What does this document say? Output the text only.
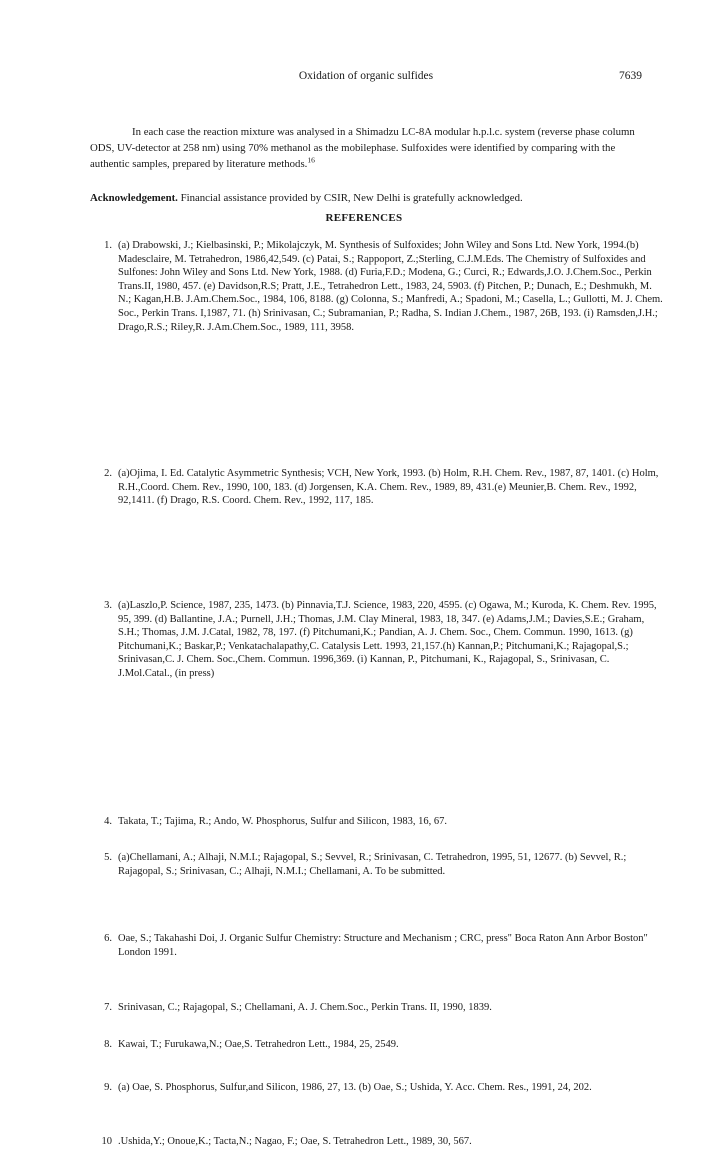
Oxidation of organic sulfides	7639
In each case the reaction mixture was analysed in a Shimadzu LC-8A modular h.p.l.c. system (reverse phase column ODS, UV-detector at 258 nm) using 70% methanol as the mobilephase. Sulfoxides were identified by comparing with the authentic samples, prepared by literature methods.$^{16}$
Acknowledgement. Financial assistance provided by CSIR, New Delhi is gratefully acknowledged.
REFERENCES
1. (a) Drabowski, J.; Kielbasinski, P.; Mikolajczyk, M. Synthesis of Sulfoxides; John Wiley and Sons Ltd. New York, 1994.(b) Madesclaire, M. Tetrahedron, 1986,42,549. (c) Patai, S.; Rappoport, Z.;Sterling, C.J.M.Eds. The Chemistry of Sulfoxides and Sulfones: John Wiley and Sons Ltd. New York, 1988. (d) Furia,F.D.; Modena, G.; Curci, R.; Edwards,J.O. J.Chem.Soc., Perkin Trans.II, 1980, 457. (e) Davidson,R.S; Pratt, J.E., Tetrahedron Lett., 1983, 24, 5903. (f) Pitchen, P.; Dunach, E.; Deshmukh, M. N.; Kagan,H.B. J.Am.Chem.Soc., 1984, 106, 8188. (g) Colonna, S.; Manfredi, A.; Spadoni, M.; Casella, L.; Gullotti, M. J. Chem. Soc., Perkin Trans. I,1987, 71. (h) Srinivasan, C.; Subramanian, P.; Radha, S. Indian J.Chem., 1987, 26B, 193. (i) Ramsden,J.H.; Drago,R.S.; Riley,R. J.Am.Chem.Soc., 1989, 111, 3958.
2. (a)Ojima, I. Ed. Catalytic Asymmetric Synthesis; VCH, New York, 1993. (b) Holm, R.H. Chem. Rev., 1987, 87, 1401. (c) Holm, R.H.,Coord. Chem. Rev., 1990, 100, 183. (d) Jorgensen, K.A. Chem. Rev., 1989, 89, 431.(e) Meunier,B. Chem. Rev., 1992, 92,1411. (f) Drago, R.S. Coord. Chem. Rev., 1992, 117, 185.
3. (a)Laszlo,P. Science, 1987, 235, 1473. (b) Pinnavia,T.J. Science, 1983, 220, 4595. (c) Ogawa, M.; Kuroda, K. Chem. Rev. 1995, 95, 399. (d) Ballantine, J.A.; Purnell, J.H.; Thomas, J.M. Clay Mineral, 1983, 18, 347. (e) Adams,J.M.; Davies,S.E.; Graham, S.H.; Thomas, J.M. J.Catal, 1982, 78, 197. (f) Pitchumani,K.; Pandian, A. J. Chem. Soc., Chem. Commun. 1990, 1613. (g) Pitchumani,K.; Baskar,P.; Venkatachalapathy,C. Catalysis Lett. 1993, 21,157.(h) Kannan,P.; Pitchumani,K.; Rajagopal,S.; Srinivasan,C. J. Chem. Soc.,Chem. Commun. 1996,369. (i) Kannan, P., Pitchumani, K., Rajagopal, S., Srinivasan, C. J.Mol.Catal., (in press)
4. Takata, T.; Tajima, R.; Ando, W. Phosphorus, Sulfur and Silicon, 1983, 16, 67.
5. (a)Chellamani, A.; Alhaji, N.M.I.; Rajagopal, S.; Sevvel, R.; Srinivasan, C. Tetrahedron, 1995, 51, 12677. (b) Sevvel, R.; Rajagopal, S.; Srinivasan, C.; Alhaji, N.M.I.; Chellamani, A. To be submitted.
6. Oae, S.; Takahashi Doi, J. Organic Sulfur Chemistry: Structure and Mechanism ; CRC, press" Boca Raton Ann Arbor Boston" London 1991.
7. Srinivasan, C.; Rajagopal, S.; Chellamani, A. J. Chem.Soc., Perkin Trans. II, 1990, 1839.
8. Kawai, T.; Furukawa,N.; Oae,S. Tetrahedron Lett., 1984, 25, 2549.
9. (a) Oae, S. Phosphorus, Sulfur,and Silicon, 1986, 27, 13. (b) Oae, S.; Ushida, Y. Acc. Chem. Res., 1991, 24, 202.
10 .Ushida,Y.; Onoue,K.; Tacta,N.; Nagao, F.; Oae, S. Tetrahedron Lett., 1989, 30, 567.
